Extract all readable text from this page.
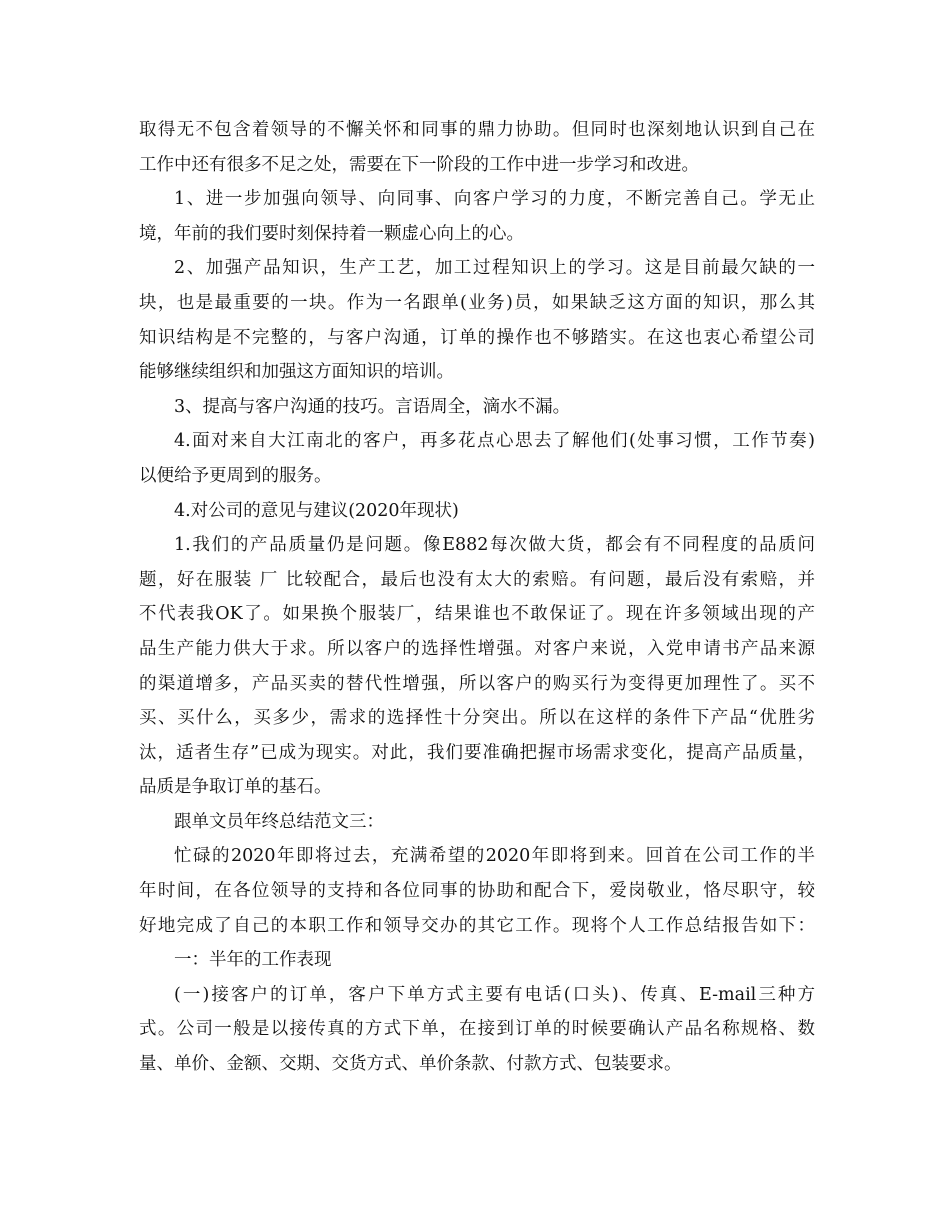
取得无不包含着领导的不懈关怀和同事的鼎力协助。但同时也深刻地认识到自己在
工作中还有很多不足之处，需要在下一阶段的工作中进一步学习和改进。
1、进一步加强向领导、向同事、向客户学习的力度，不断完善自己。学无止
境，年前的我们要时刻保持着一颗虚心向上的心。
2、加强产品知识，生产工艺，加工过程知识上的学习。这是目前最欠缺的一
块，也是最重要的一块。作为一名跟单(业务)员，如果缺乏这方面的知识，那么其
知识结构是不完整的，与客户沟通，订单的操作也不够踏实。在这也衷心希望公司
能够继续组织和加强这方面知识的培训。
3、提高与客户沟通的技巧。言语周全，滴水不漏。
4.面对来自大江南北的客户，再多花点心思去了解他们(处事习惯，工作节奏)
以便给予更周到的服务。
4.对公司的意见与建议(2020年现状)
1.我们的产品质量仍是问题。像E882每次做大货，都会有不同程度的品质问
题，好在服装 厂 比较配合，最后也没有太大的索赔。有问题，最后没有索赔，并
不代表我OK了。如果换个服装厂，结果谁也不敢保证了。现在许多领域出现的产
品生产能力供大于求。所以客户的选择性增强。对客户来说，入党申请书产品来源
的渠道增多，产品买卖的替代性增强，所以客户的购买行为变得更加理性了。买不
买、买什么，买多少，需求的选择性十分突出。所以在这样的条件下产品“优胜劣
汰，适者生存”已成为现实。对此，我们要准确把握市场需求变化，提高产品质量，
品质是争取订单的基石。
跟单文员年终总结范文三：
忙碌的2020年即将过去，充满希望的2020年即将到来。回首在公司工作的半
年时间，在各位领导的支持和各位同事的协助和配合下，爱岗敬业，恪尽职守，较
好地完成了自己的本职工作和领导交办的其它工作。现将个人工作总结报告如下：
一：半年的工作表现
(一)接客户的订单，客户下单方式主要有电话(口头)、传真、E-mail三种方
式。公司一般是以接传真的方式下单，在接到订单的时候要确认产品名称规格、数
量、单价、金额、交期、交货方式、单价条款、付款方式、包装要求。
